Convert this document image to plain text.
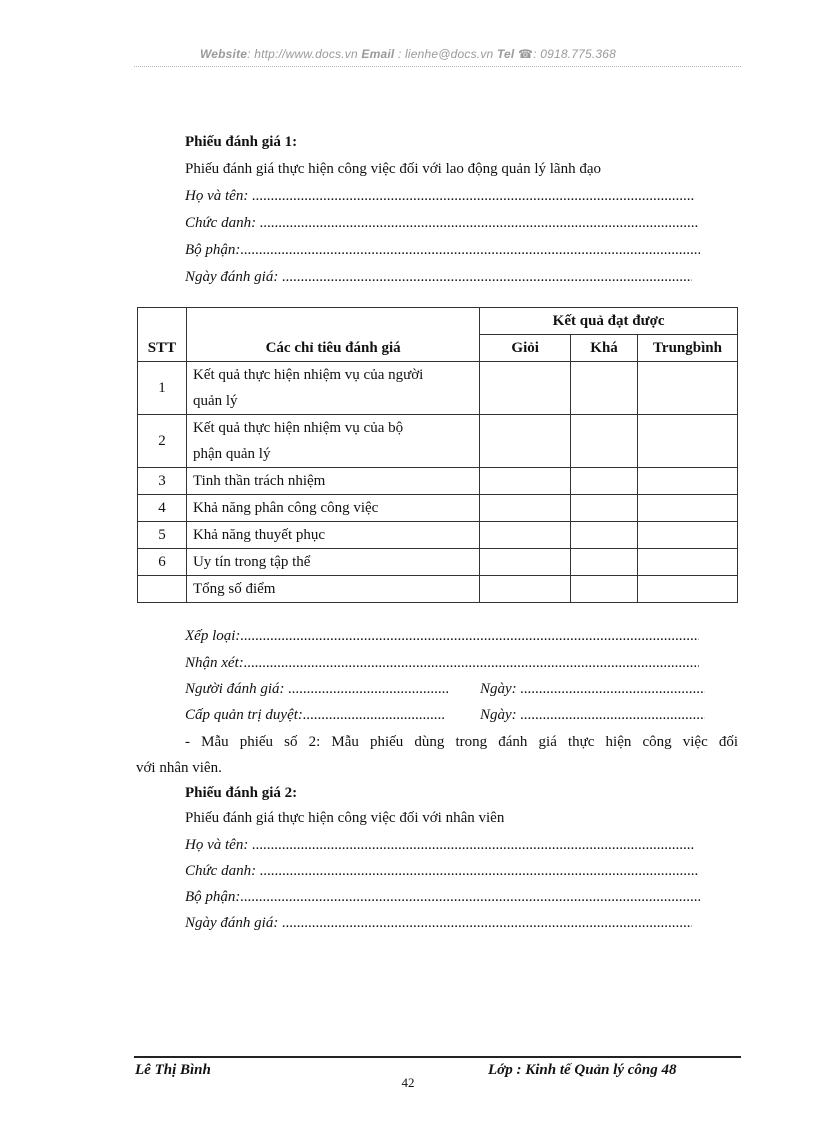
Website: http://www.docs.vn Email : lienhe@docs.vn Tel ☎: 0918.775.368
Phiếu đánh giá 1:
Phiếu đánh giá thực hiện công việc đối với lao động quản lý lãnh đạo
Họ và tên: .....
Chức danh: .....
Bộ phận:.....
Ngày đánh giá: .....
STT	Các chỉ tiêu đánh giá	Kết quả đạt được		
		Giỏi	Khá	Trungbình
1	Kết quả thực hiện nhiệm vụ của người
quản lý			
2	Kết quả thực hiện nhiệm vụ của bộ
phận quản lý			
3	Tinh thần trách nhiệm			
4	Khả năng phân công công việc			
5	Khả năng thuyết phục			
6	Uy tín trong tập thể			
	Tổng số điểm			
Xếp loại:.....
Nhận xét:.....
Người đánh giá: .....	Ngày: .....
Cấp quản trị duyệt: .....	Ngày: .....
- Mẫu phiếu số 2: Mẫu phiếu dùng trong đánh giá thực hiện công việc đối
với nhân viên.
Phiếu đánh giá 2:
Phiếu đánh giá thực hiện công việc đối với nhân viên
Họ và tên: .....
Chức danh: .....
Bộ phận:.....
Ngày đánh giá: .....
Lê Thị Bình	Lớp : Kinh tế Quản lý công 48
42
